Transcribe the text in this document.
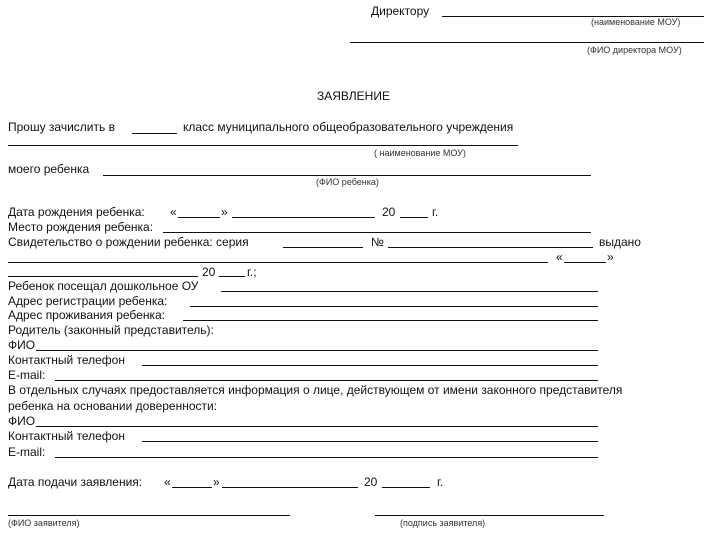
Директору
(наименование МОУ)
(ФИО директора МОУ)
ЗАЯВЛЕНИЕ
Прошу зачислить в	класс муниципального общеобразовательного учреждения
( наименование МОУ)
моего ребенка
(ФИО ребенка)
Дата рождения ребенка: «	»	20	г.
Место рождения ребенка:
Свидетельство о рождении ребенка: серия	№	выдано
«	»
20	г.;
Ребенок посещал дошкольное ОУ
Адрес регистрации ребенка:
Адрес проживания ребенка:
Родитель (законный представитель):
ФИО
Контактный телефон
E-mail:
В отдельных случаях предоставляется информация о лице, действующем от имени законного представителя
ребенка на основании доверенности:
ФИО
Контактный телефон
E-mail:
Дата подачи заявления: «	»	20	г.
(ФИО заявителя)	(подпись заявителя)
